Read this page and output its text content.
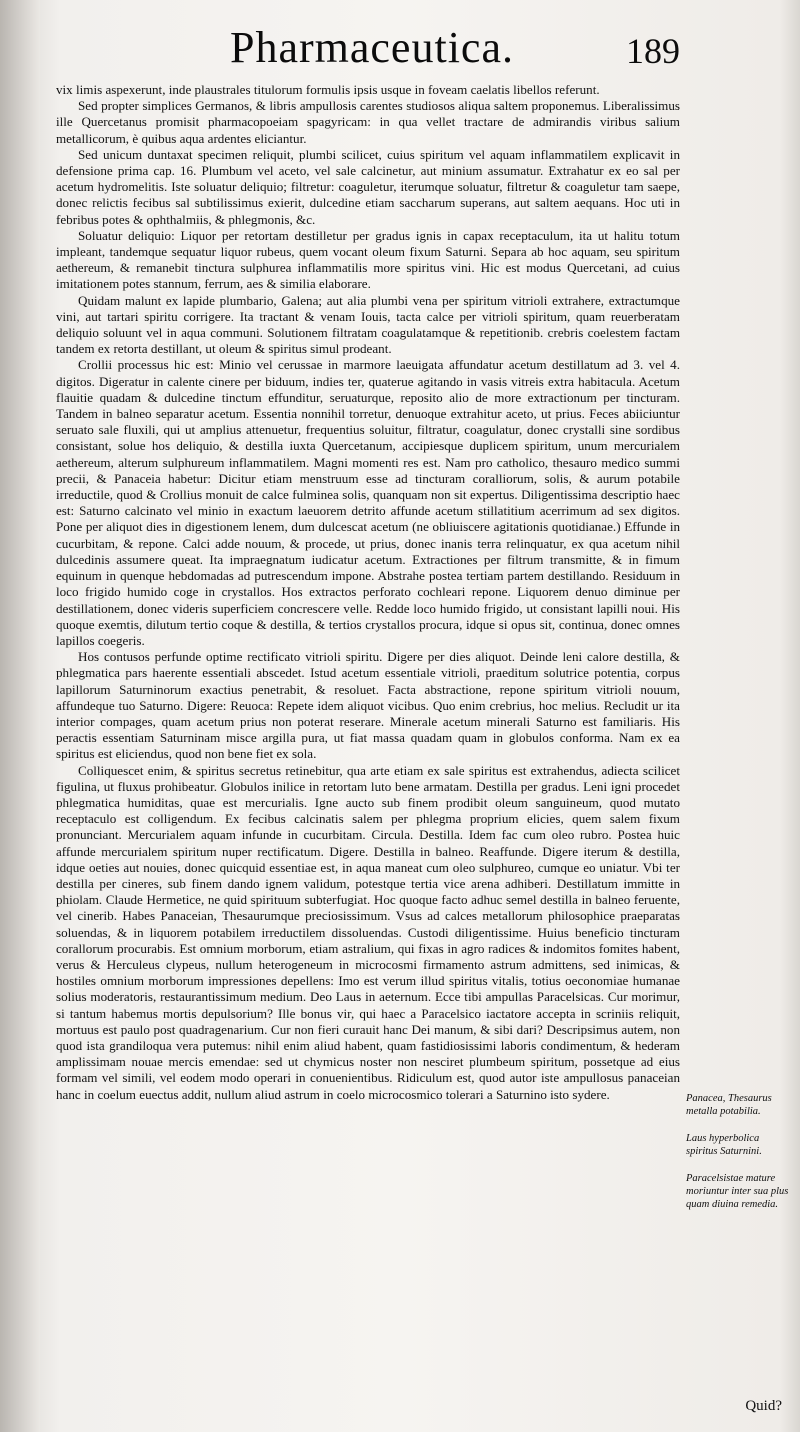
Pharmaceutica.	189

vix limis aspexerunt, inde plaustrales titulorum formulis ipsis usque in foveam caelatis libellos referunt.

Sed propter simplices Germanos, & libris ampullosis carentes studiosos aliqua saltem proponemus. Liberalissimus ille Quercetanus promisit pharmacopoeiam spagyricam: in qua vellet tractare de admirandis viribus salium metallicorum, è quibus aqua ardentes eliciantur.

Sed unicum duntaxat specimen reliquit, plumbi scilicet, cuius spiritum vel aquam inflammatilem explicavit in defensione prima cap. 16. Plumbum vel aceto, vel sale calcinetur, aut minium assumatur. Extrahatur ex eo sal per acetum hydromelitis. Iste soluatur deliquio; filtretur: coaguletur, iterumque soluatur, filtretur & coaguletur tam saepe, donec relictis fecibus sal subtilissimus exierit, dulcedine etiam saccharum superans, aut saltem aequans. Hoc uti in febribus potes & ophthalmiis, & phlegmonis, &c.

Soluatur deliquio: Liquor per retortam destilletur per gradus ignis in capax receptaculum, ita ut halitu totum impleant, tandemque sequatur liquor rubeus, quem vocant oleum fixum Saturni. Separa ab hoc aquam, seu spiritum aethereum, & remanebit tinctura sulphurea inflammatilis more spiritus vini. Hic est modus Quercetani, ad cuius imitationem potes stannum, ferrum, aes & similia elaborare.

Quidam malunt ex lapide plumbario, Galena; aut alia plumbi vena per spiritum vitrioli extrahere, extractumque vini, aut tartari spiritu corrigere. Ita tractant & venam Iouis, tacta calce per vitrioli spiritum, quam reuerberatam deliquio soluunt vel in aqua communi. Solutionem filtratam coagulatamque & repetitionib. crebris coelestem factam tandem ex retorta destillant, ut oleum & spiritus simul prodeant.

Crollii processus hic est: Minio vel cerussae in marmore laeuigata affundatur acetum destillatum ad 3. vel 4. digitos. Digeratur in calente cinere per biduum, indies ter, quaterue agitando in vasis vitreis extra habitacula. Acetum flauitie quadam & dulcedine tinctum effunditur, seruaturque, reposito alio de more extractionum per tincturam. Tandem in balneo separatur acetum. Essentia nonnihil torretur, denuoque extrahitur aceto, ut prius. Feces abiiciuntur seruato sale fluxili, qui ut amplius attenuetur, frequentius soluitur, filtratur, coagulatur, donec crystalli sine sordibus consistant, solue hos deliquio, & destilla iuxta Quercetanum, accipiesque duplicem spiritum, unum mercurialem aethereum, alterum sulphureum inflammatilem. Magni momenti res est. Nam pro catholico, thesauro medico summi precii, & Panaceia habetur: Dicitur etiam menstruum esse ad tincturam coralliorum, solis, & aurum potabile irreductile, quod & Crollius monuit de calce fulminea solis, quanquam non sit expertus. Diligentissima descriptio haec est: Saturno calcinato vel minio in exactum laeuorem detrito affunde acetum stillatitium acerrimum ad sex digitos. Pone per aliquot dies in digestionem lenem, dum dulcescat acetum (ne obliuiscere agitationis quotidianae.) Effunde in cucurbitam, & repone. Calci adde nouum, & procede, ut prius, donec inanis terra relinquatur, ex qua acetum nihil dulcedinis assumere queat. Ita impraegnatum iudicatur acetum. Extractiones per filtrum transmitte, & in fimum equinum in quenque hebdomadas ad putrescendum impone. Abstrahe postea tertiam partem destillando. Residuum in loco frigido humido coge in crystallos. Hos extractos perforato cochleari repone. Liquorem denuo diminue per destillationem, donec videris superficiem concrescere velle. Redde loco humido frigido, ut consistant lapilli noui. His quoque exemtis, dilutum tertio coque & destilla, & tertios crystallos procura, idque si opus sit, continua, donec omnes lapillos coegeris.

Hos contusos perfunde optime rectificato vitrioli spiritu. Digere per dies aliquot. Deinde leni calore destilla, & phlegmatica pars haerente essentiali abscedet. Istud acetum essentiale vitrioli, praeditum solutrice potentia, corpus lapillorum Saturninorum exactius penetrabit, & resoluet. Facta abstractione, repone spiritum vitrioli nouum, affundeque tuo Saturno. Digere: Reuoca: Repete idem aliquot vicibus. Quo enim crebrius, hoc melius. Recludit ur ita interior compages, quam acetum prius non poterat reserare. Minerale acetum minerali Saturno est familiaris. His peractis essentiam Saturninam misce argilla pura, ut fiat massa quadam quam in globulos conforma. Nam ex ea spiritus est eliciendus, quod non bene fiet ex sola.

Colliquescet enim, & spiritus secretus retinebitur, qua arte etiam ex sale spiritus est extrahendus, adiecta scilicet figulina, ut fluxus prohibeatur. Globulos inilice in retortam luto bene armatam. Destilla per gradus. Leni igni procedet phlegmatica humiditas, quae est mercurialis. Igne aucto sub finem prodibit oleum sanguineum, quod mutato receptaculo est colligendum. Ex fecibus calcinatis salem per phlegma proprium elicies, quem salem fixum pronunciant. Mercurialem aquam infunde in cucurbitam. Circula. Destilla. Idem fac cum oleo rubro. Postea huic affunde mercurialem spiritum nuper rectificatum. Digere. Destilla in balneo. Reaffunde. Digere iterum & destilla, idque oeties aut nouies, donec quicquid essentiae est, in aqua maneat cum oleo sulphureo, cumque eo uniatur. Vbi ter destilla per cineres, sub finem dando ignem validum, potestque tertia vice arena adhiberi. Destillatum immitte in phiolam. Claude Hermetice, ne quid spirituum subterfugiat. Hoc quoque facto adhuc semel destilla in balneo feruente, vel cinerib. Habes Panaceian, Thesaurumque preciosissimum. Vsus ad calces metallorum philosophice praeparatas soluendas, & in liquorem potabilem irreductilem dissoluendas. Custodi diligentissime. Huius beneficio tincturam corallorum procurabis. Est omnium morborum, etiam astralium, qui fixas in agro radices & indomitos fomites habent, verus & Herculeus clypeus, nullum heterogeneum in microcosmi firmamento astrum admittens, sed inimicas, & hostiles omnium morborum impressiones depellens: Imo est verum illud spiritus vitalis, totius oeconomiae humanae solius moderatoris, restaurantissimum medium. Deo Laus in aeternum. Ecce tibi ampullas Paracelsicas. Cur morimur, si tantum habemus mortis depulsorium? Ille bonus vir, qui haec a Paracelsico iactatore accepta in scriniis reliquit, mortuus est paulo post quadragenarium. Cur non fieri curauit hanc Dei manum, & sibi dari? Descripsimus autem, non quod ista grandiloqua vera putemus: nihil enim aliud habent, quam fastidiosissimi laboris condimentum, & hederam amplissimam nouae mercis emendae: sed ut chymicus noster non nesciret plumbeum spiritum, possetque ad eius formam vel simili, vel eodem modo operari in conuenientibus. Ridiculum est, quod autor iste ampullosus panaceian hanc in coelum euectus addit, nullum aliud astrum in coelo microcosmico tolerari a Saturnino isto sydere.	Panacea, Thesaurus metalla potabilia.
Laus hyperbolica spiritus Saturnini.
Paracelsistae mature moriuntur inter sua plus quam diuina remedia.
Quid?
